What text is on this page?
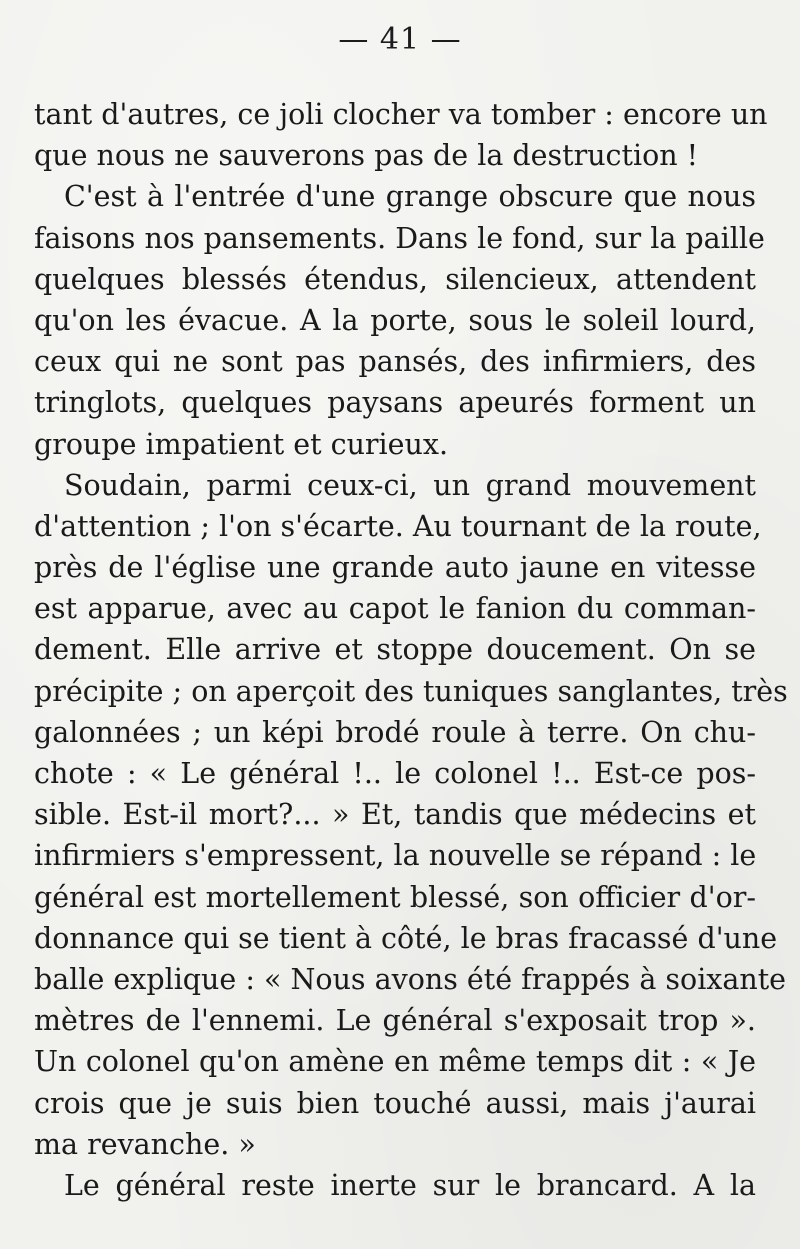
— 41 —
tant d'autres, ce joli clocher va tomber : encore un
que nous ne sauverons pas de la destruction !
C'est à l'entrée d'une grange obscure que nous
faisons nos pansements. Dans le fond, sur la paille
quelques blessés étendus, silencieux, attendent
qu'on les évacue. A la porte, sous le soleil lourd,
ceux qui ne sont pas pansés, des infirmiers, des
tringlots, quelques paysans apeurés forment un
groupe impatient et curieux.
Soudain, parmi ceux-ci, un grand mouvement
d'attention ; l'on s'écarte. Au tournant de la route,
près de l'église une grande auto jaune en vitesse
est apparue, avec au capot le fanion du comman-
dement. Elle arrive et stoppe doucement. On se
précipite ; on aperçoit des tuniques sanglantes, très
galonnées ; un képi brodé roule à terre. On chu-
chote : « Le général !.. le colonel !.. Est-ce pos-
sible. Est-il mort?... » Et, tandis que médecins et
infirmiers s'empressent, la nouvelle se répand : le
général est mortellement blessé, son officier d'or-
donnance qui se tient à côté, le bras fracassé d'une
balle explique : « Nous avons été frappés à soixante
mètres de l'ennemi. Le général s'exposait trop ».
Un colonel qu'on amène en même temps dit : « Je
crois que je suis bien touché aussi, mais j'aurai
ma revanche. »
Le général reste inerte sur le brancard. A la
